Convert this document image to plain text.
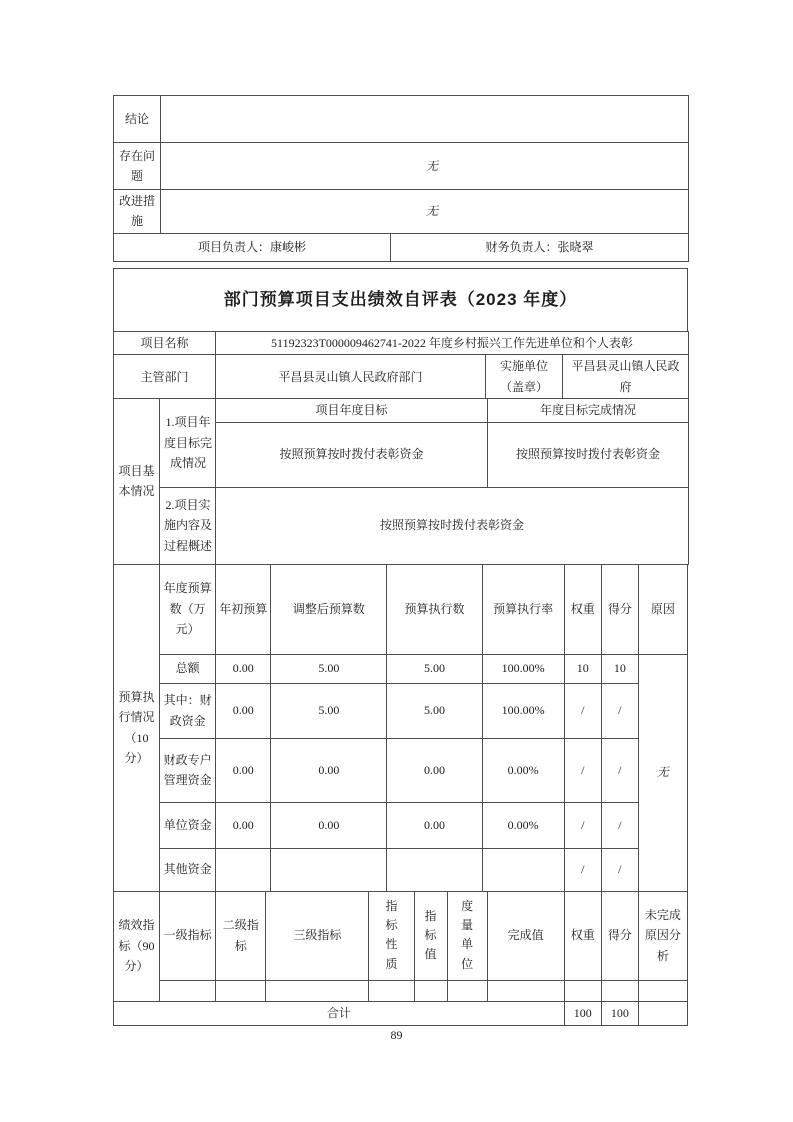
结论	
存在问题	无
改进措施	无
项目负责人：康峻彬	财务负责人：张晓翠
部门预算项目支出绩效自评表（2023 年度）
项目名称	51192323T000009462741-2022 年度乡村振兴工作先进单位和个人表彰
主管部门	平昌县灵山镇人民政府部门	实施单位（盖章）	平昌县灵山镇人民政府
项目基本情况	1.项目年度目标完成情况	项目年度目标	年度目标完成情况
		按照预算按时拨付表彰资金	按照预算按时拨付表彰资金
	2.项目实施内容及过程概述	按照预算按时拨付表彰资金	
预算执行情况（10分）	年度预算数（万元）	年初预算	调整后预算数	预算执行数	预算执行率	权重	得分	原因
	总额	0.00	5.00	5.00	100.00%	10	10	无
	其中：财政资金	0.00	5.00	5.00	100.00%	/	/	
	财政专户管理资金	0.00	0.00	0.00	0.00%	/	/	
	单位资金	0.00	0.00	0.00	0.00%	/	/	
	其他资金					/	/	
绩效指标（90分）	一级指标	二级指标	三级指标	指标性质	指标值	度量单位	完成值	权重	得分	未完成原因分析

合计								100	100	
89
